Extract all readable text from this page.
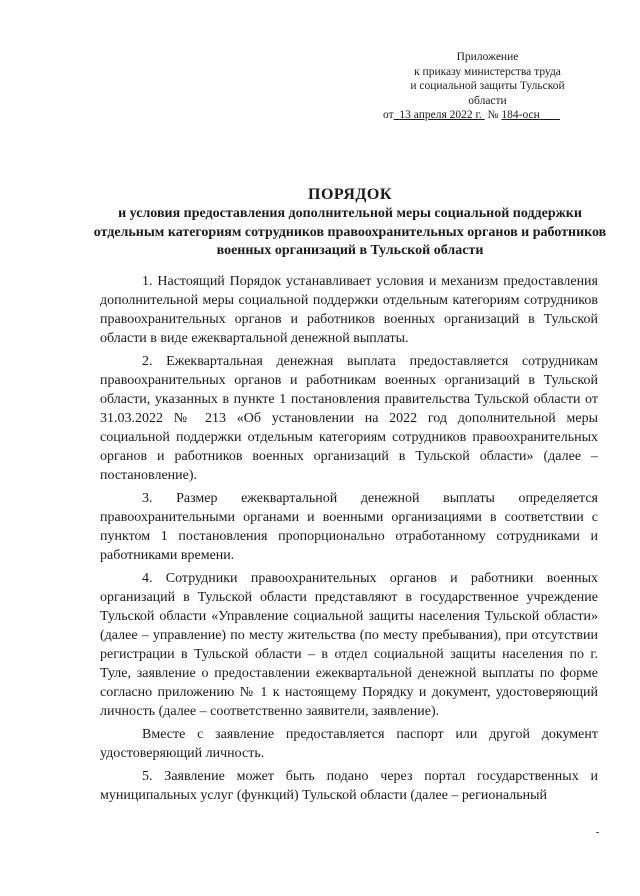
Приложение
к приказу министерства труда
и социальной защиты Тульской
области
от 13 апреля 2022 г. № 184-осн
ПОРЯДОК
и условия предоставления дополнительной меры социальной поддержки отдельным категориям сотрудников правоохранительных органов и работников военных организаций в Тульской области

1. Настоящий Порядок устанавливает условия и механизм предоставления дополнительной меры социальной поддержки отдельным категориям сотрудников правоохранительных органов и работников военных организаций в Тульской области в виде ежеквартальной денежной выплаты.

2. Ежеквартальная денежная выплата предоставляется сотрудникам правоохранительных органов и работникам военных организаций в Тульской области, указанных в пункте 1 постановления правительства Тульской области от 31.03.2022 № 213 «Об установлении на 2022 год дополнительной меры социальной поддержки отдельным категориям сотрудников правоохранительных органов и работников военных организаций в Тульской области» (далее – постановление).

3. Размер ежеквартальной денежной выплаты определяется правоохранительными органами и военными организациями в соответствии с пунктом 1 постановления пропорционально отработанному сотрудниками и работниками времени.

4. Сотрудники правоохранительных органов и работники военных организаций в Тульской области представляют в государственное учреждение Тульской области «Управление социальной защиты населения Тульской области» (далее – управление) по месту жительства (по месту пребывания), при отсутствии регистрации в Тульской области – в отдел социальной защиты населения по г. Туле, заявление о предоставлении ежеквартальной денежной выплаты по форме согласно приложению № 1 к настоящему Порядку и документ, удостоверяющий личность (далее – соответственно заявители, заявление).

Вместе с заявление предоставляется паспорт или другой документ удостоверяющий личность.

5. Заявление может быть подано через портал государственных и муниципальных услуг (функций) Тульской области (далее – региональный
